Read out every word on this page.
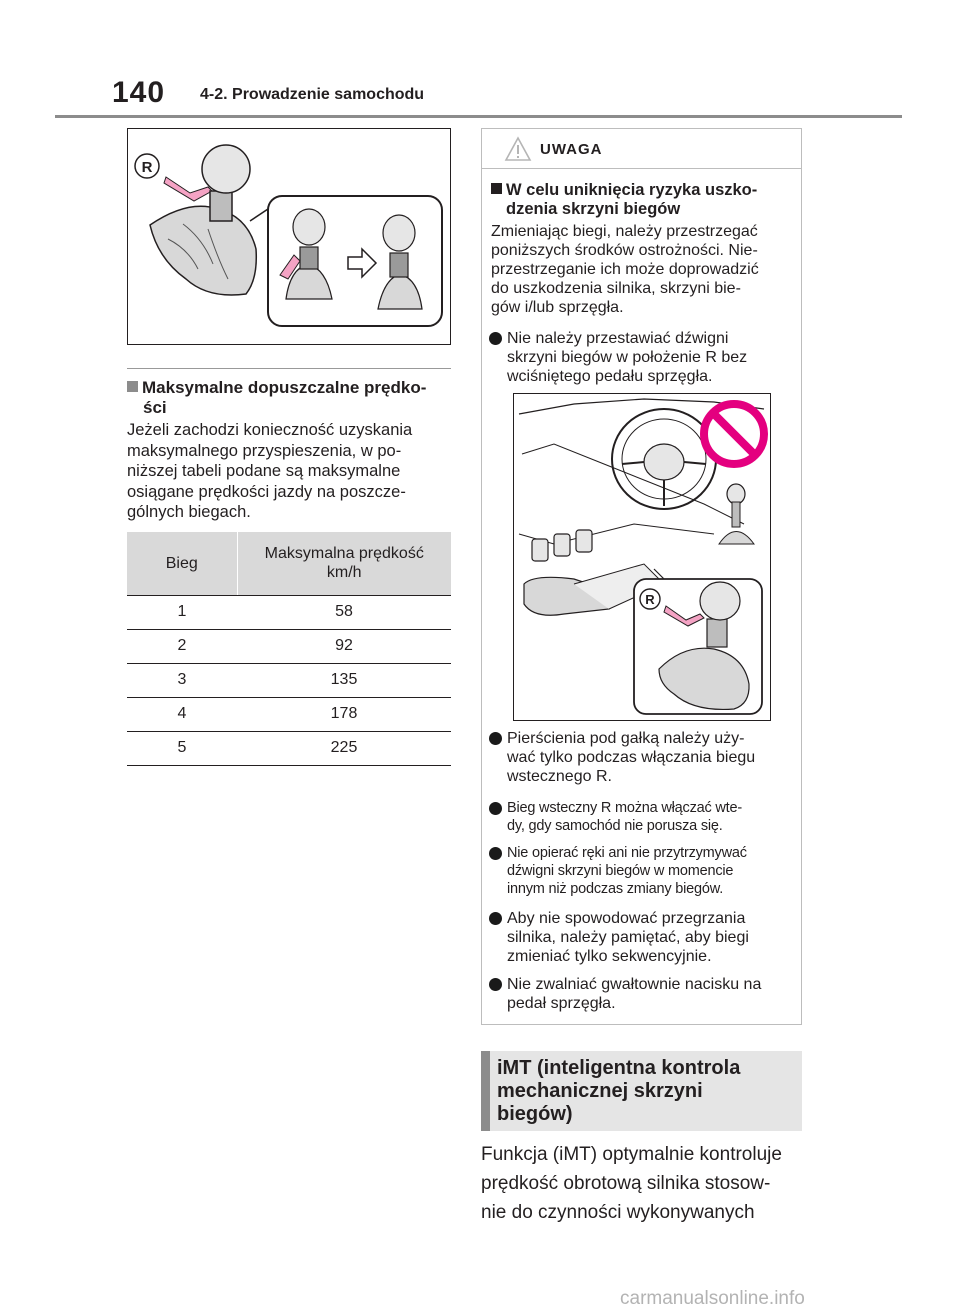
140 4-2. Prowadzenie samochodu
R
Maksymalne dopuszczalne prędko-
ści
Jeżeli zachodzi konieczność uzyskania
maksymalnego przyspieszenia, w po-
niższej tabeli podane są maksymalne
osiągane prędkości jazdy na poszcze-
gólnych biegach.
Bieg	Maksymalna prędkość
km/h

1	58
2	92
3	135
4	178
5	225
UWAGA
W celu uniknięcia ryzyka uszko-
dzenia skrzyni biegów
Zmieniając biegi, należy przestrzegać
poniższych środków ostrożności. Nie-
przestrzeganie ich może doprowadzić
do uszkodzenia silnika, skrzyni bie-
gów i/lub sprzęgła.
Nie należy przestawiać dźwigni
skrzyni biegów w położenie R bez
wciśniętego pedału sprzęgła.
R
Pierścienia pod gałką należy uży-
wać tylko podczas włączania biegu
wstecznego R.
Bieg wsteczny R można włączać wte-
dy, gdy samochód nie porusza się.
Nie opierać ręki ani nie przytrzymywać
dźwigni skrzyni biegów w momencie
innym niż podczas zmiany biegów.
Aby nie spowodować przegrzania
silnika, należy pamiętać, aby biegi
zmieniać tylko sekwencyjnie.
Nie zwalniać gwałtownie nacisku na
pedał sprzęgła.
iMT (inteligentna kontrola
mechanicznej skrzyni
biegów)
Funkcja (iMT) optymalnie kontroluje
prędkość obrotową silnika stosow-
nie do czynności wykonywanych
carmanualsonline.info
